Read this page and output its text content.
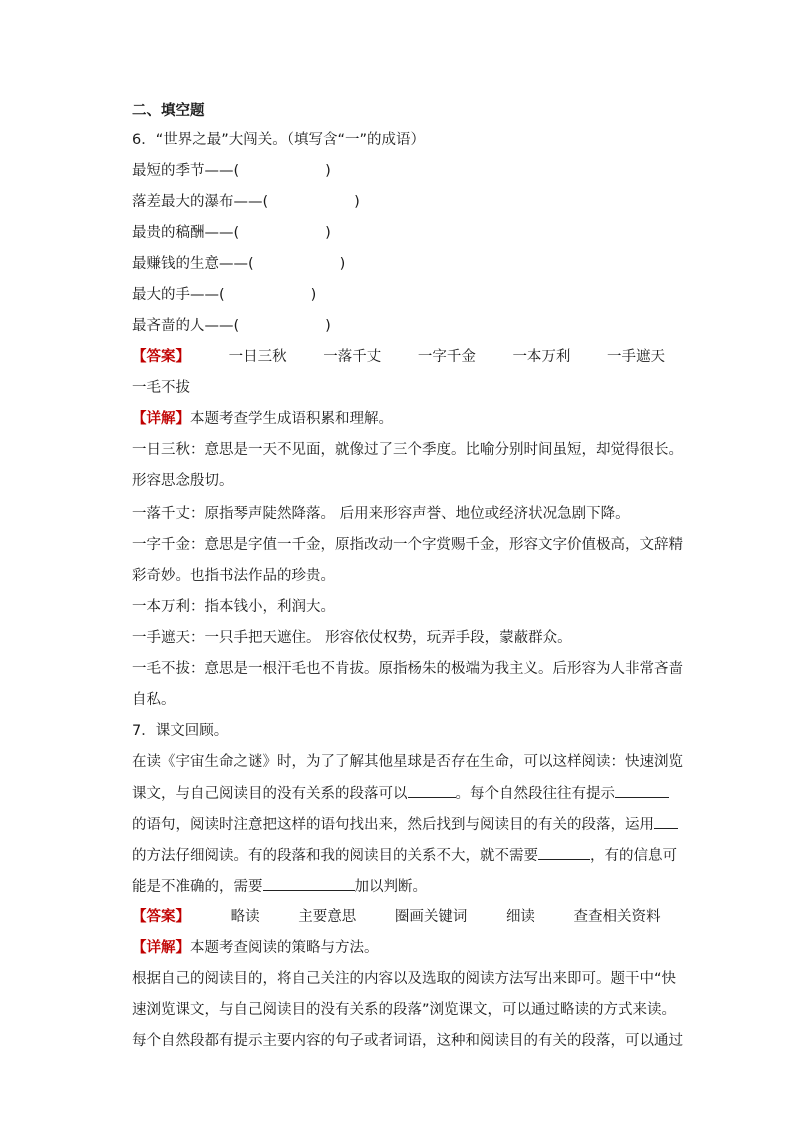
二、填空题
6．“世界之最”大闯关。（填写含“一”的成语）
最短的季节——(	)
落差最大的瀑布——(	)
最贵的稿酬——(	)
最赚钱的生意——(	)
最大的手——(	)
最吝啬的人——(	)
【答案】	一日三秋	一落千丈	一字千金	一本万利	一手遮天
一毛不拔
【详解】本题考查学生成语积累和理解。
一日三秋：意思是一天不见面，就像过了三个季度。比喻分别时间虽短，却觉得很长。
形容思念殷切。
一落千丈：原指琴声陡然降落。 后用来形容声誉、地位或经济状况急剧下降。
一字千金：意思是字值一千金，原指改动一个字赏赐千金，形容文字价值极高，文辞精
彩奇妙。也指书法作品的珍贵。
一本万利：指本钱小，利润大。
一手遮天：一只手把天遮住。 形容依仗权势，玩弄手段，蒙蔽群众。
一毛不拔：意思是一根汗毛也不肯拔。原指杨朱的极端为我主义。后形容为人非常吝啬
自私。
7．课文回顾。
在读《宇宙生命之谜》时，为了了解其他星球是否存在生命，可以这样阅读：快速浏览
课文，与自己阅读目的没有关系的段落可以	。每个自然段往往有提示
的语句，阅读时注意把这样的语句找出来，然后找到与阅读目的有关的段落，运用
的方法仔细阅读。有的段落和我的阅读目的关系不大，就不需要	，有的信息可
能是不准确的，需要	加以判断。
【答案】	略读	主要意思	圈画关键词	细读	查查相关资料
【详解】本题考查阅读的策略与方法。
根据自己的阅读目的，将自己关注的内容以及选取的阅读方法写出来即可。题干中“快
速浏览课文，与自己阅读目的没有关系的段落”浏览课文，可以通过略读的方式来读。
每个自然段都有提示主要内容的句子或者词语，这种和阅读目的有关的段落，可以通过
